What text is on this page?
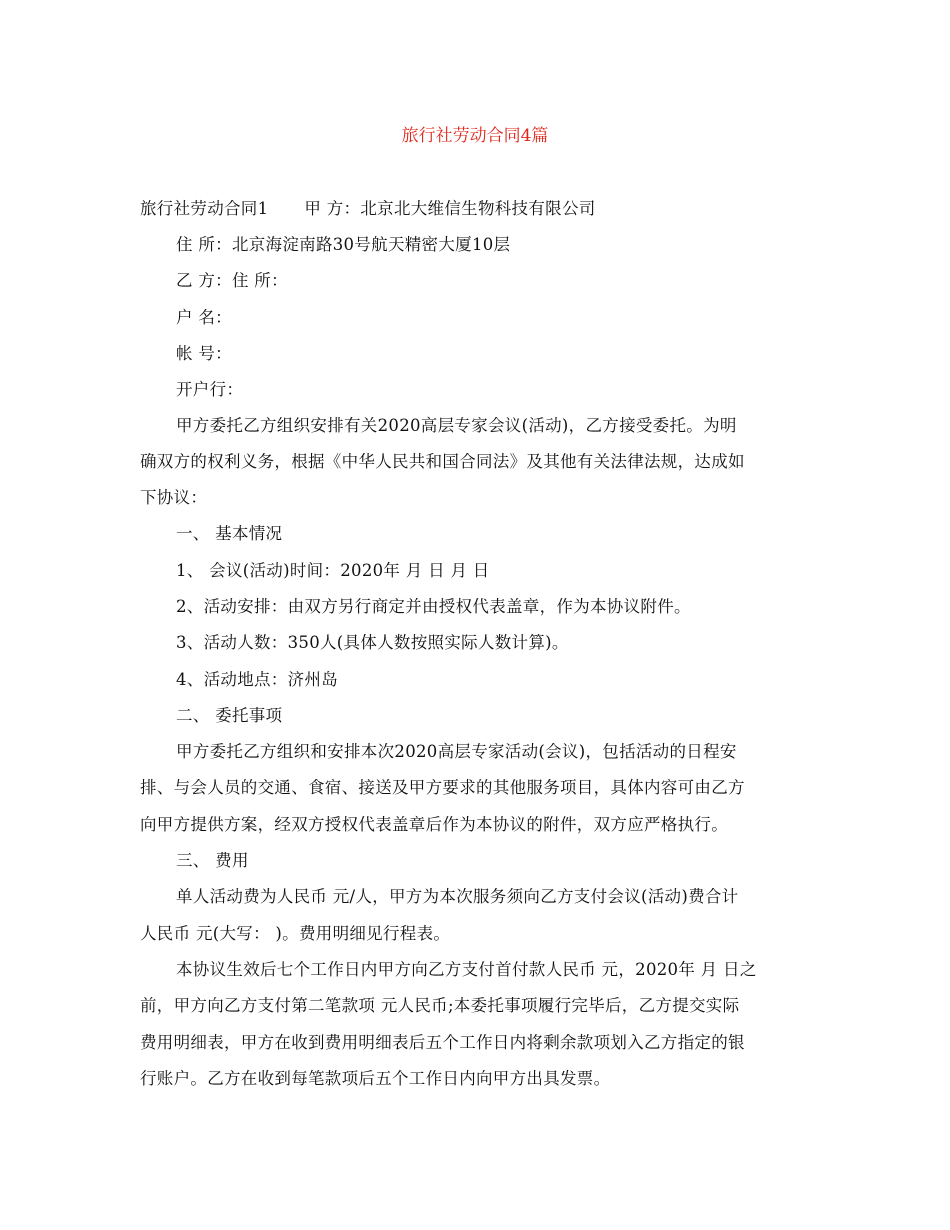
旅行社劳动合同4篇
旅行社劳动合同1 甲 方：北京北大维信生物科技有限公司
住 所：北京海淀南路30号航天精密大厦10层
乙 方：住 所：
户 名：
帐 号：
开户行：
甲方委托乙方组织安排有关2020高层专家会议(活动)，乙方接受委托。为明
确双方的权利义务，根据《中华人民共和国合同法》及其他有关法律法规，达成如
下协议：
一、 基本情况
1、 会议(活动)时间：2020年 月 日 月 日
2、活动安排：由双方另行商定并由授权代表盖章，作为本协议附件。
3、活动人数：350人(具体人数按照实际人数计算)。
4、活动地点：济州岛
二、 委托事项
甲方委托乙方组织和安排本次2020高层专家活动(会议)，包括活动的日程安
排、与会人员的交通、食宿、接送及甲方要求的其他服务项目，具体内容可由乙方
向甲方提供方案，经双方授权代表盖章后作为本协议的附件，双方应严格执行。
三、 费用
单人活动费为人民币 元/人，甲方为本次服务须向乙方支付会议(活动)费合计
人民币 元(大写： )。费用明细见行程表。
本协议生效后七个工作日内甲方向乙方支付首付款人民币 元，2020年 月 日之
前，甲方向乙方支付第二笔款项 元人民币;本委托事项履行完毕后，乙方提交实际
费用明细表，甲方在收到费用明细表后五个工作日内将剩余款项划入乙方指定的银
行账户。乙方在收到每笔款项后五个工作日内向甲方出具发票。
